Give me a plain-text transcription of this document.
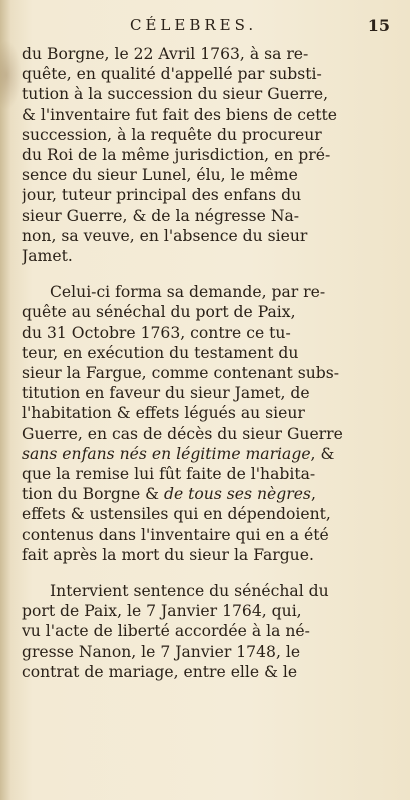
CÉLEBRES.	15
du Borgne, le 22 Avril 1763, à sa re-
quête, en qualité d'appellé par substi-
tution à la succession du sieur Guerre,
& l'inventaire fut fait des biens de cette
succession, à la requête du procureur
du Roi de la même jurisdiction, en pré-
sence du sieur Lunel, élu, le même
jour, tuteur principal des enfans du
sieur Guerre, & de la négresse Na-
non, sa veuve, en l'absence du sieur
Jamet.
Celui-ci forma sa demande, par re-
quête au sénéchal du port de Paix,
du 31 Octobre 1763, contre ce tu-
teur, en exécution du testament du
sieur la Fargue, comme contenant subs-
titution en faveur du sieur Jamet, de
l'habitation & effets légués au sieur
Guerre, en cas de décès du sieur Guerre
sans enfans nés en légitime mariage, &
que la remise lui fût faite de l'habita-
tion du Borgne & de tous ses nègres,
effets & ustensiles qui en dépendoient,
contenus dans l'inventaire qui en a été
fait après la mort du sieur la Fargue.
Intervient sentence du sénéchal du
port de Paix, le 7 Janvier 1764, qui,
vu l'acte de liberté accordée à la né-
gresse Nanon, le 7 Janvier 1748, le
contrat de mariage, entre elle & le
